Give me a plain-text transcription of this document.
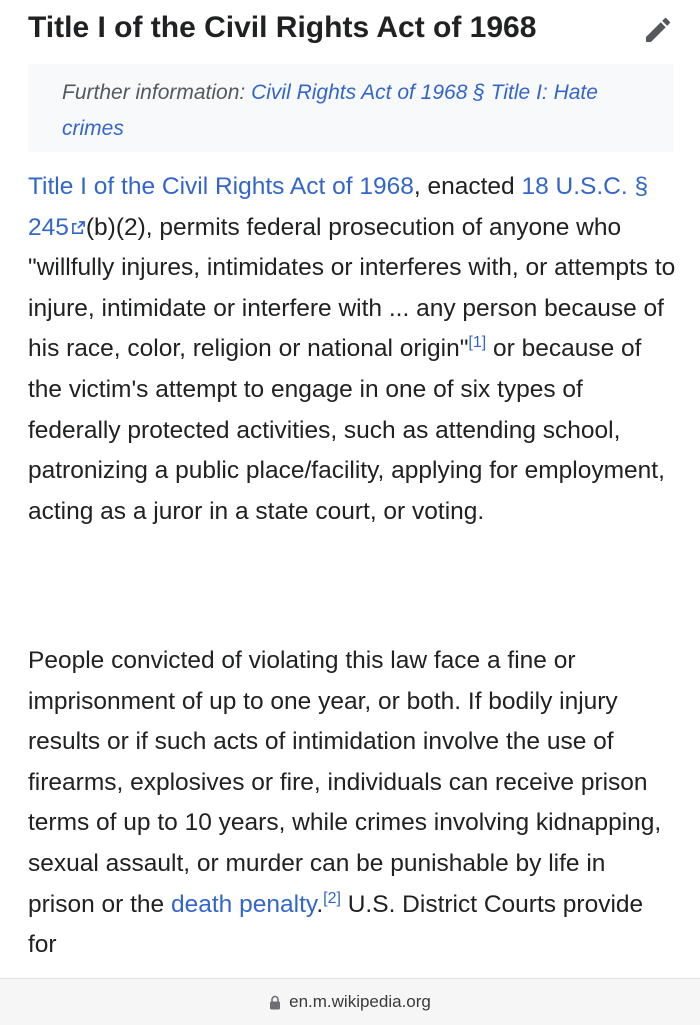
Title I of the Civil Rights Act of 1968
Further information: Civil Rights Act of 1968 § Title I: Hate crimes
Title I of the Civil Rights Act of 1968, enacted 18 U.S.C. § 245 (b)(2), permits federal prosecution of anyone who "willfully injures, intimidates or interferes with, or attempts to injure, intimidate or interfere with ... any person because of his race, color, religion or national origin"[1] or because of the victim's attempt to engage in one of six types of federally protected activities, such as attending school, patronizing a public place/facility, applying for employment, acting as a juror in a state court, or voting.
People convicted of violating this law face a fine or imprisonment of up to one year, or both. If bodily injury results or if such acts of intimidation involve the use of firearms, explosives or fire, individuals can receive prison terms of up to 10 years, while crimes involving kidnapping, sexual assault, or murder can be punishable by life in prison or the death penalty.[2] U.S. District Courts provide for
en.m.wikipedia.org
